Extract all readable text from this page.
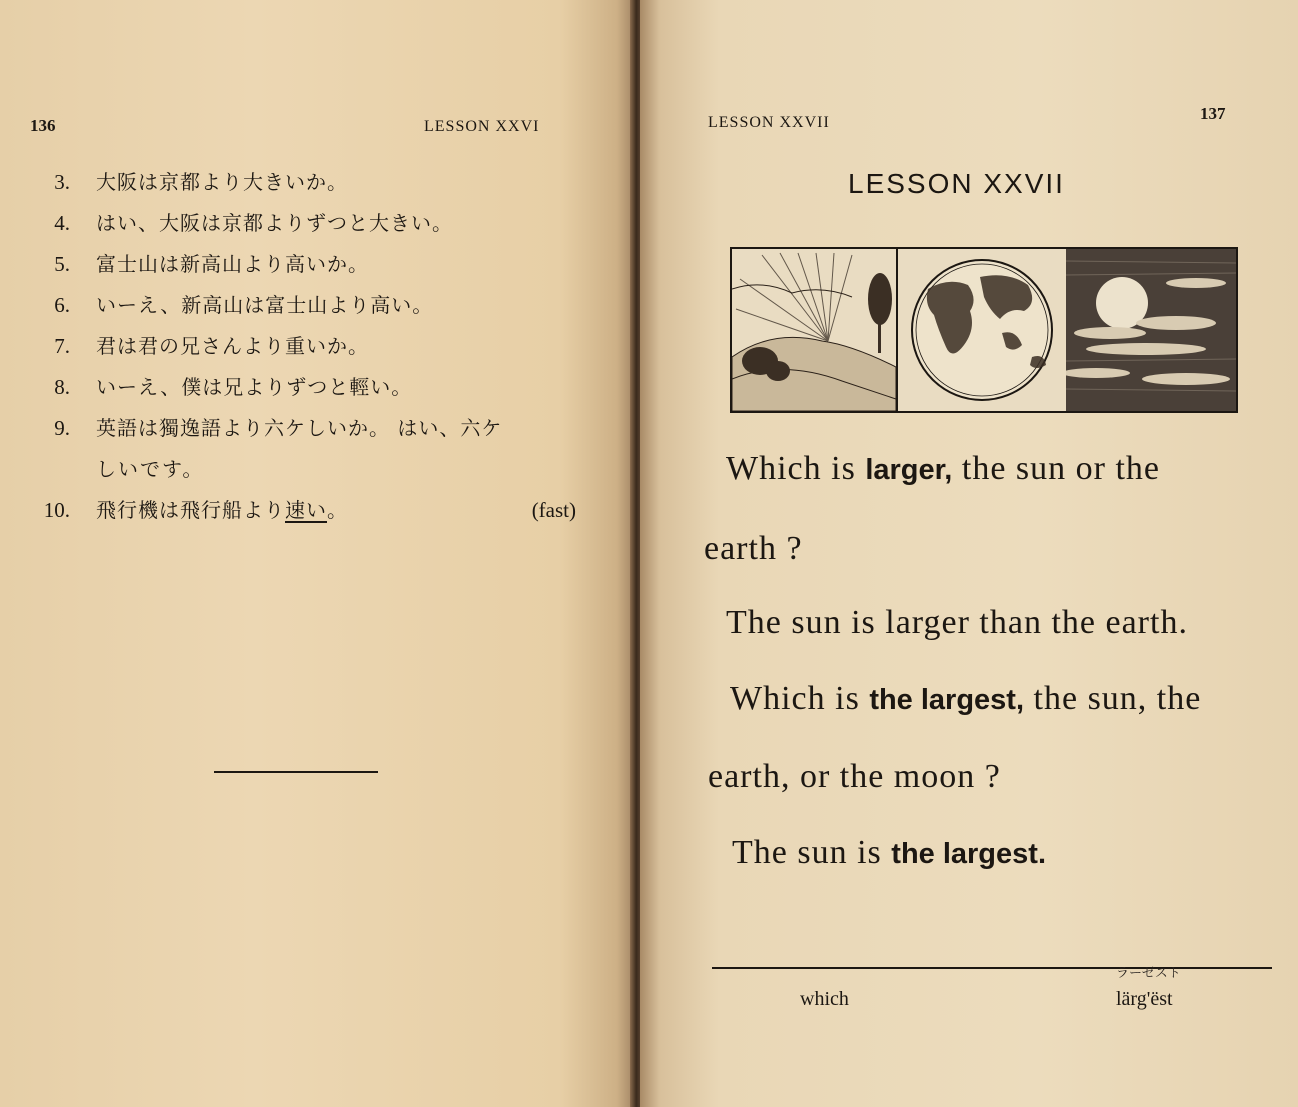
136	LESSON XXVI
3. 大阪は京都より大きいか。
4. はい、大阪は京都よりずつと大きい。
5. 富士山は新高山より高いか。
6. いーえ、新高山は富士山より高い。
7. 君は君の兄さんより重いか。
8. いーえ、僕は兄よりずつと輕い。
9. 英語は獨逸語より六ケしいか。 はい、六ケ
しいです。
10. 飛行機は飛行船より速い。	(fast)
LESSON XXVII	137
LESSON XXVII
Which is larger, the sun or the
earth ?
The sun is larger than the earth.
Which is the largest, the sun, the
earth, or the moon ?
The sun is the largest.
which	lärg'ëst
ラーゼスト
